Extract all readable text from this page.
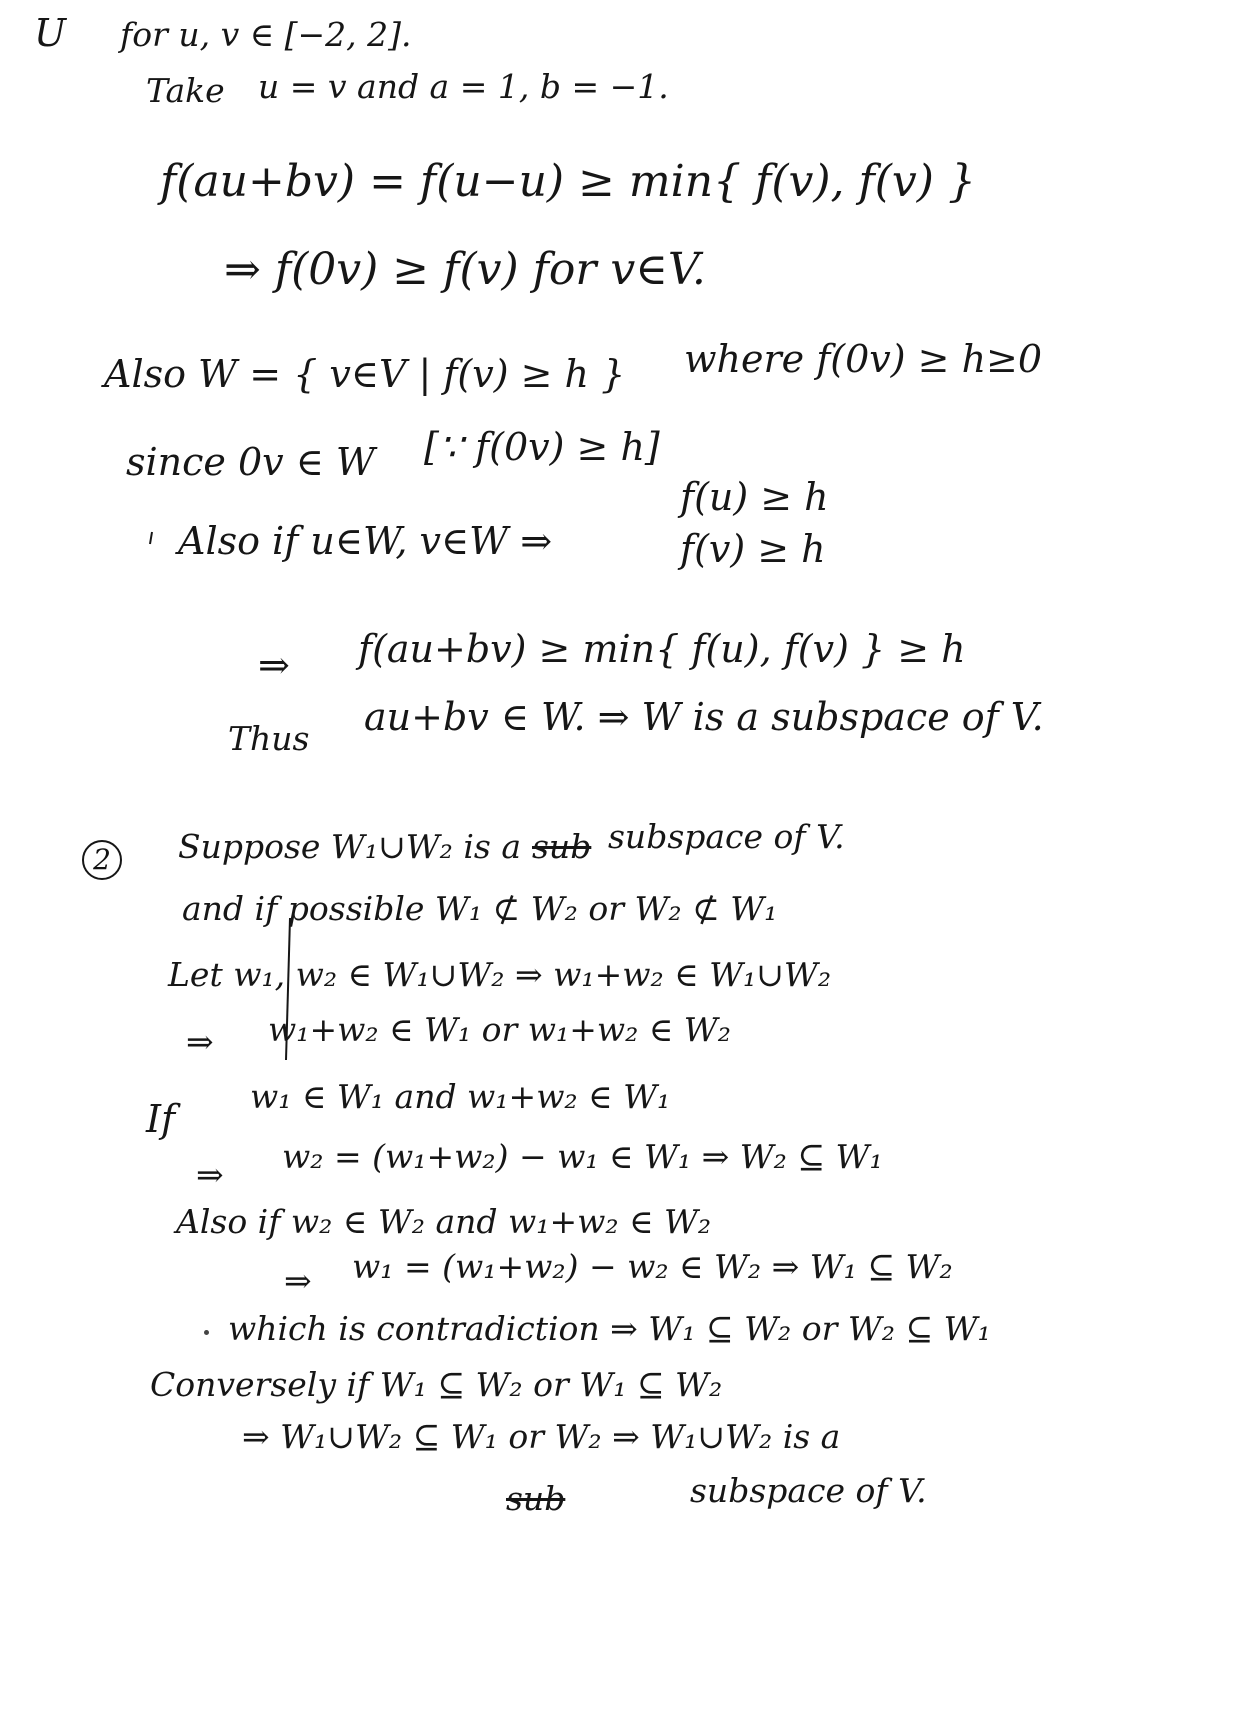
U for u, v ∈ [−2, 2].
Take u = v and a = 1, b = −1.
f(au+bv) = f(u−u) ≥ min{ f(v), f(v) }
⇒ f(0v) ≥ f(v) for v∈V.
Also W = { v∈V | f(v) ≥ h } where f(0v) ≥ h≥0
since 0v ∈ W [∵ f(0v) ≥ h]
Also if u∈W, v∈W ⇒
f(u) ≥ h
f(v) ≥ h
⇒ f(au+bv) ≥ min{ f(u), f(v) } ≥ h
Thus au+bv ∈ W. ⇒ W is a subspace of V.
2	Suppose W₁∪W₂ is a sub subspace of V.
and if possible W₁ ⊄ W₂ or W₂ ⊄ W₁
Let w₁, w₂ ∈ W₁∪W₂ ⇒ w₁+w₂ ∈ W₁∪W₂
⇒ w₁+w₂ ∈ W₁ or w₁+w₂ ∈ W₂
If
w₁ ∈ W₁ and w₁+w₂ ∈ W₁
⇒ w₂ = (w₁+w₂) − w₁ ∈ W₁ ⇒ W₂ ⊆ W₁
Also if w₂ ∈ W₂ and w₁+w₂ ∈ W₂
⇒ w₁ = (w₁+w₂) − w₂ ∈ W₂ ⇒ W₁ ⊆ W₂
which is contradiction ⇒ W₁ ⊆ W₂ or W₂ ⊆ W₁
Conversely if W₁ ⊆ W₂ or W₁ ⊆ W₂
⇒ W₁∪W₂ ⊆ W₁ or W₂ ⇒ W₁∪W₂ is a
sub	subspace of V.
